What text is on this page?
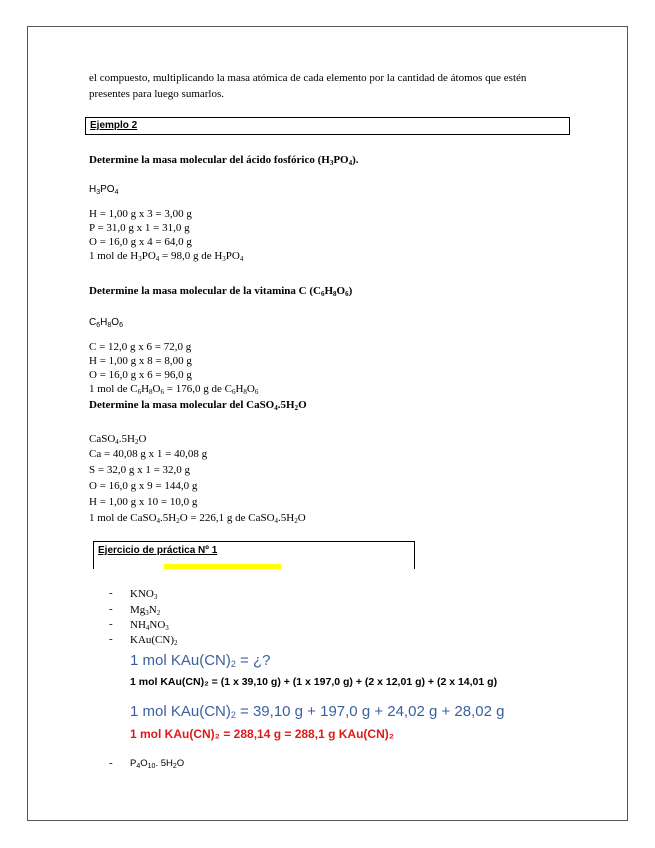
el compuesto, multiplicando la masa atómica de cada elemento por la cantidad de átomos que estén
presentes para luego sumarlos.
Ejemplo 2
Determine la masa molecular del ácido fosfórico $(H_3PO_4)$.
$H_3PO_4$
H = 1,00 g x 3 = 3,00 g
P = 31,0 g x 1 = 31,0 g
O = 16,0 g x 4 = 64,0 g
1 mol de $H_3PO_4 = 98,0$ g de $H_3PO_4$
Determine la masa molecular de la vitamina C $(C_6H_8O_6)$
$C_6H_8O_6$
C = 12,0 g x 6 = 72,0 g
H = 1,00 g x 8 = 8,00 g
O = 16,0 g x 6 = 96,0 g
1 mol de $C_6H_8O_6 = 176,0$ g de $C_6H_8O_6$
Determine la masa molecular del $CaSO_4.5H_2O$
$CaSO_4.5H_2O$
Ca = 40,08 g x 1 = 40,08 g
S = 32,0 g x 1 = 32,0 g
O = 16,0 g x 9 = 144,0 g
H = 1,00 g x 10 = 10,0 g
1 mol de $CaSO_4.5H_2O = 226,1$ g de $CaSO_4.5H_2O$
Ejercicio de práctica Nº 1
- $KNO_3$
- $Mg_3N_2$
- $NH_4NO_3$
- $KAu(CN)_2$
1 mol $KAu(CN)_2$ = ¿?
1 mol KAu(CN)₂ = (1 x 39,10 g) + (1 x 197,0 g) + (2 x 12,01 g) + (2 x 14,01 g)
1 mol $KAu(CN)_2 = 39,10$ g + 197,0 g + 24,02 g + 28,02 g
1 mol KAu(CN)₂ = 288,14 g = 288,1 g KAu(CN)₂
- $P_4O_{10}$. $5H_2O$
